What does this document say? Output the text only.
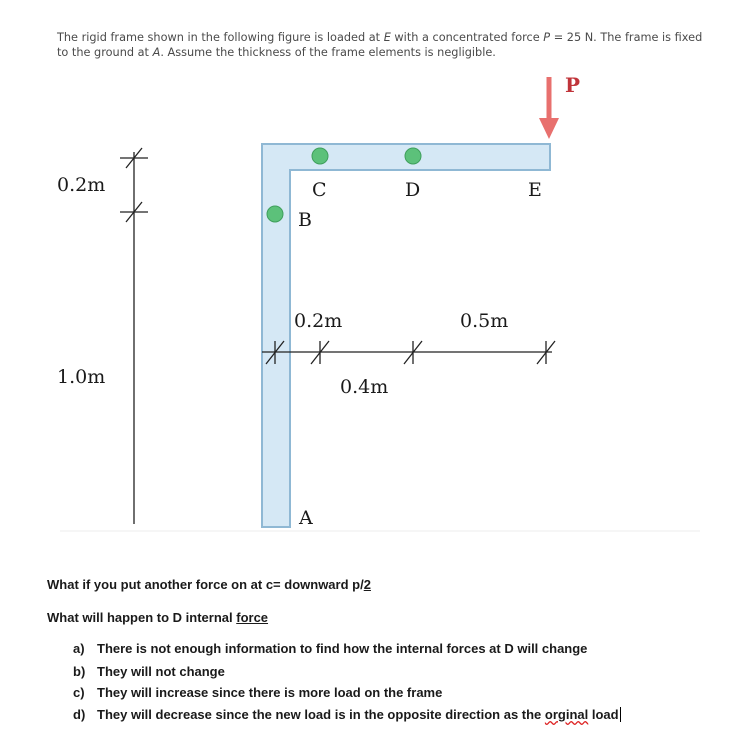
The rigid frame shown in the following figure is loaded at E with a concentrated force P = 25 N. The frame is fixed to the ground at A. Assume the thickness of the frame elements is negligible.
P
C	D	E
B
A
0.2m
1.0m
0.2m	0.5m
0.4m
What if you put another force on at c= downward p/2
What will happen to D internal force
a) There is not enough information to find how the internal forces at D will change
b) They will not change
c) They will increase since there is more load on the frame
d) They will decrease since the new load is in the opposite direction as the orginal load
